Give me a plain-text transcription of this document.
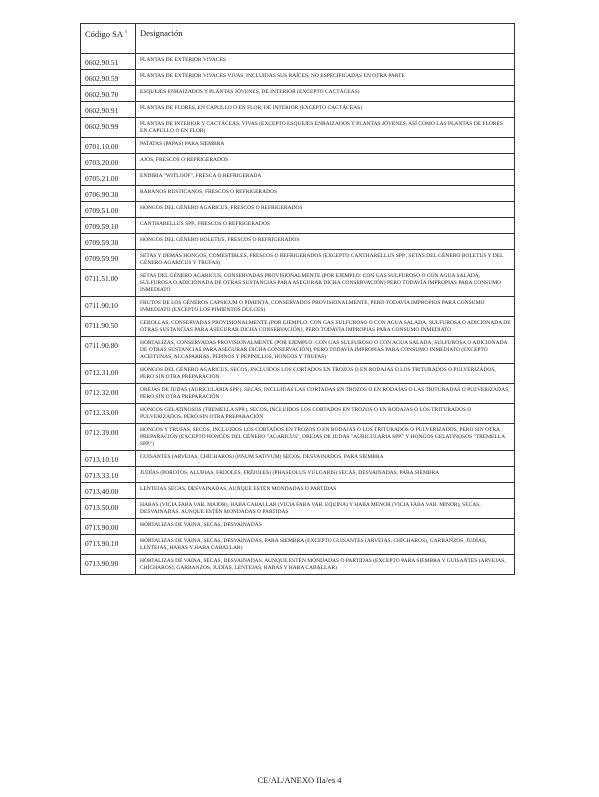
Código SA $^1$	Designación
0602.90.51	PLANTAS DE EXTERIOR VIVACES
0602.90.59	PLANTAS DE EXTERIOR VIVACES VIVAS, INCLUIDAS SUS RAÍCES, NO ESPECIFICADAS EN OTRA PARTE
0602.90.70	ESQUEJES ENRAIZADOS Y PLANTAS JÓVENES, DE INTERIOR (EXCEPTO CACTÁCEAS)
0602.90.91	PLANTAS DE FLORES, EN CAPULLO O EN FLOR, DE INTERIOR (EXCEPTO CACTÁCEAS)
0602.90.99	PLANTAS DE INTERIOR Y CACTÁCEAS, VIVAS (EXCEPTO ESQUEJES ENRAIZADOS Y PLANTAS JÓVENES, ASÍ COMO LAS PLANTAS DE FLORES EN CAPULLO O EN FLOR)
0701.10.00	PATATAS (PAPAS) PARA SIEMBRA
0703.20.00	AJOS, FRESCOS O REFRIGERADOS
0705.21.00	ENDIBIA "WITLOOF", FRESCA O REFRIGERADA
0706.90.30	RÁBANOS RUSTICANOS, FRESCOS O REFRIGERADOS
0709.51.00	HONGOS DEL GÉNERO AGARICUS, FRESCOS O REFRIGERADOS
0709.59.10	CANTHARELLUS SPP., FRESCOS O REFRIGERADOS
0709.59.30	HONGOS DEL GÉNERO BOLETUS, FRESCOS O REFRIGERADOS
0709.59.90	SETAS Y DEMÁS HONGOS, COMESTIBLES, FRESCOS O REFRIGERADOS (EXCEPTO CANTHARELLUS SPP., SETAS DEL GÉNERO BOLETUS Y DEL GÉNERO AGARICUS Y TRUFAS)
0711.51.00	SETAS DEL GÉNERO AGARICUS, CONSERVADAS PROVISIONALMENTE (POR EJEMPLO: CON GAS SULFUROSO O CON AGUA SALADA, SULFUROSA O ADICIONADA DE OTRAS SUSTANCIAS PARA ASEGURAR DICHA CONSERVACIÓN) PERO TODAVÍA IMPROPIAS PARA CONSUMO INMEDIATO
0711.90.10	FRUTOS DE LOS GÉNEROS CAPSICUM O PIMENTA, CONSERVADOS PROVISIONALMENTE, PERO TODAVÍA IMPROPIOS PARA CONSUMO INMEDIATO (EXCEPTO LOS PIMIENTOS DULCES)
0711.90.50	CEBOLLAS, CONSERVADAS PROVISIONALMENTE (POR EJEMPLO: CON GAS SULFUROSO O CON AGUA SALADA, SULFUROSA O ADICIONADA DE OTRAS SUSTANCIAS PARA ASEGURAR DICHA CONSERVACIÓN), PERO TODAVÍA IMPROPIAS PARA CONSUMO INMEDIATO
0711.90.80	HORTALIZAS, CONSERVADAS PROVISIONALMENTE (POR EJEMPLO: CON GAS SULFUROSO O CON AGUA SALADA, SULFUROSA O ADICIONADA DE OTRAS SUSTANCIAS PARA ASEGURAR DICHA CONSERVACIÓN), PERO TODAVÍA IMPROPIAS PARA CONSUMO INMEDIATO (EXCEPTO ACEITUNAS, ALCAPARRAS, PEPINOS Y PEPINILLOS, HONGOS Y TRUFAS)
0712.31.00	HONGOS DEL GÉNERO AGARICUS, SECOS, INCLUIDOS LOS CORTADOS EN TROZOS O EN RODAJAS O LOS TRITURADOS O PULVERIZADOS, PERO SIN OTRA PREPARACIÓN
0712.32.00	OREJAS DE JUDAS (AURICULARIA SPP.), SECAS, INCLUIDAS LAS CORTADAS EN TROZOS O EN RODAJAS O LAS TRITURADAS O PULVERIZADAS, PERO SIN OTRA PREPARACIÓN
0712.33.00	HONGOS GELATINOSOS (TREMELLA SPP.), SECOS, INCLUIDOS LOS CORTADOS EN TROZOS O EN RODAJAS O LOS TRITURADOS O PULVERIZADOS, PERO SIN OTRA PREPARACIÓN
0712.39.00	HONGOS Y TRUFAS, SECOS, INCLUIDOS LOS CORTADOS EN TROZOS O EN RODAJAS O LOS TRITURADOS O PULVERIZADOS, PERO SIN OTRA PREPARACIÓN (EXCEPTO HONGOS DEL GÉNERO "AGARICUS", OREJAS DE JUDAS "AURICULARIA SPP." Y HONGOS GELATINOSOS "TREMELLA SPP.")
0713.10.10	GUISANTES (ARVEJAS, CHÍCHAROS) (PISUM SATIVUM) SECOS, DESVAINADOS, PARA SIEMBRA
0713.33.10	JUDÍAS (POROTOS, ALUBIAS, FRIJOLES, FRÉJOLES) (PHASEOLUS VULGARIS) SECAS, DESVAINADAS, PARA SIEMBRA
0713.40.00	LENTEJAS SECAS, DESVAINADAS, AUNQUE ESTÉN MONDADAS O PARTIDAS
0713.50.00	HABAS (VICIA FABA VAR. MAJOR), HABA CABALLAR (VICIA FABA VAR. EQUINA) Y HABA MENOR (VICIA FABA VAR. MINOR), SECAS, DESVAINADAS, AUNQUE ESTÉN MONDADAS O PARTIDAS
0713.90.00	HORTALIZAS DE VAINA, SECAS, DESVAINADAS
0713.90.10	HORTALIZAS DE VAINA, SECAS, DESVAINADAS, PARA SIEMBRA (EXCEPTO GUISANTES (ARVEJAS, CHÍCHAROS), GARBANZOS, JUDÍAS, LENTEJAS, HABAS Y HABA CABALLAR)
0713.90.90	HORTALIZAS DE VAINA, SECAS, DESVAINADAS, AUNQUE ESTÉN MONDADAS O PARTIDAS (EXCEPTO PARA SIEMBRA Y GUISANTES (ARVEJAS, CHÍCHAROS), GARBANZOS, JUDÍAS, LENTEJAS, HABAS Y HABA CABALLAR)
CE/AL/ANEXO IIa/es 4
